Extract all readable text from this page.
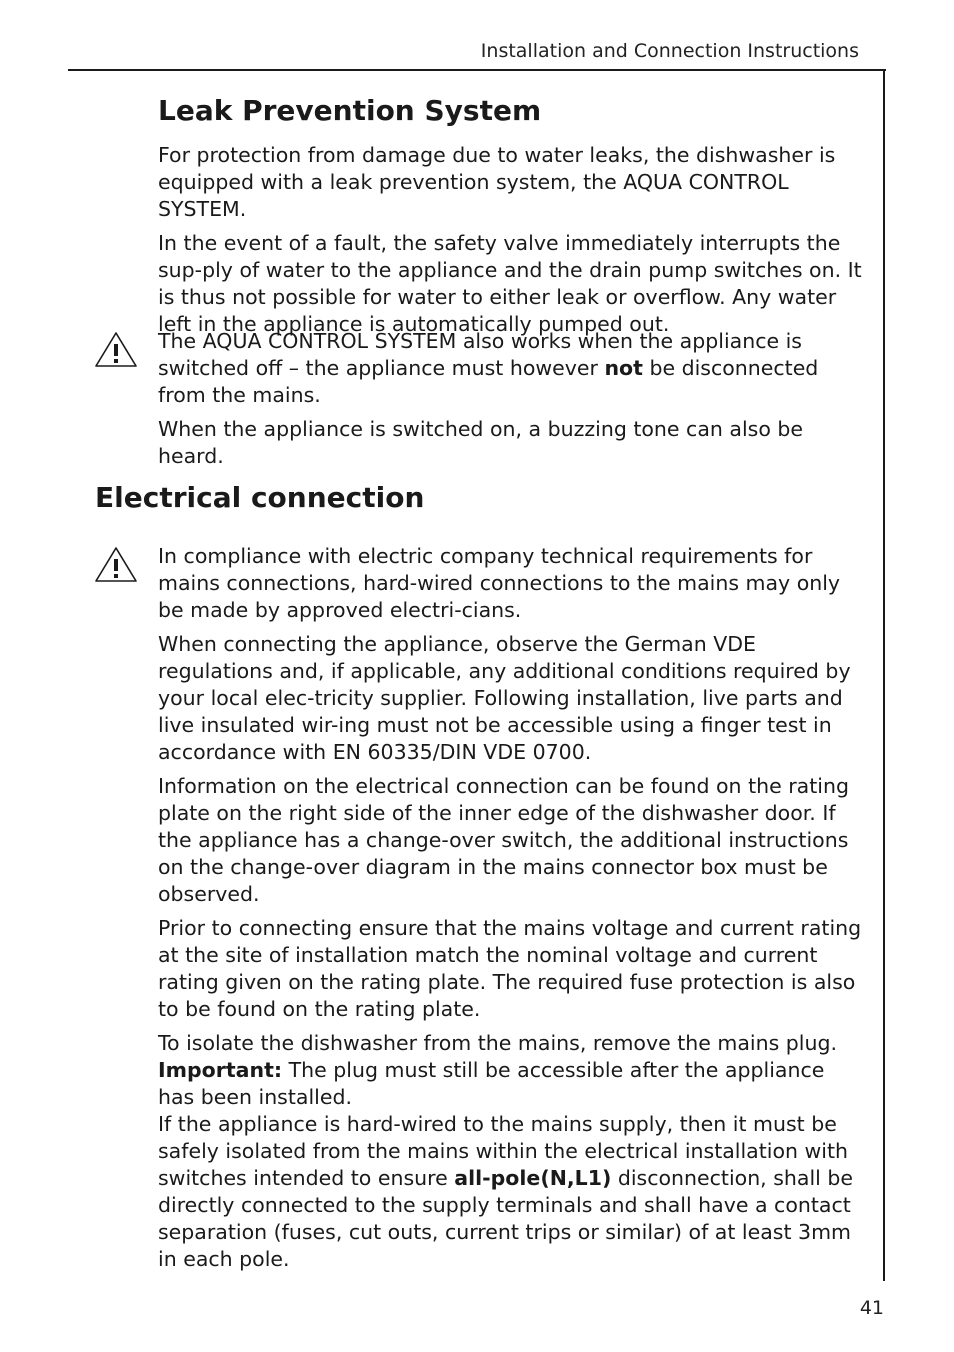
Installation and Connection Instructions
Leak Prevention System

For protection from damage due to water leaks, the dishwasher is equipped with a leak prevention system, the AQUA CONTROL SYSTEM.

In the event of a fault, the safety valve immediately interrupts the sup-ply of water to the appliance and the drain pump switches on. It is thus not possible for water to either leak or overflow. Any water left in the appliance is automatically pumped out.

The AQUA CONTROL SYSTEM also works when the appliance is switched off – the appliance must however not be disconnected from the mains.

When the appliance is switched on, a buzzing tone can also be heard.

Electrical connection

In compliance with electric company technical requirements for mains connections, hard-wired connections to the mains may only be made by approved electri-cians.

When connecting the appliance, observe the German VDE regulations and, if applicable, any additional conditions required by your local elec-tricity supplier. Following installation, live parts and live insulated wir-ing must not be accessible using a finger test in accordance with EN 60335/DIN VDE 0700.

Information on the electrical connection can be found on the rating plate on the right side of the inner edge of the dishwasher door. If the appliance has a change-over switch, the additional instructions on the change-over diagram in the mains connector box must be observed.

Prior to connecting ensure that the mains voltage and current rating at the site of installation match the nominal voltage and current rating given on the rating plate. The required fuse protection is also to be found on the rating plate.

To isolate the dishwasher from the mains, remove the mains plug.
Important: The plug must still be accessible after the appliance has been installed.
If the appliance is hard-wired to the mains supply, then it must be safely isolated from the mains within the electrical installation with switches intended to ensure all-pole(N,L1) disconnection, shall be directly connected to the supply terminals and shall have a contact separation (fuses, cut outs, current trips or similar) of at least 3mm in each pole.

41
